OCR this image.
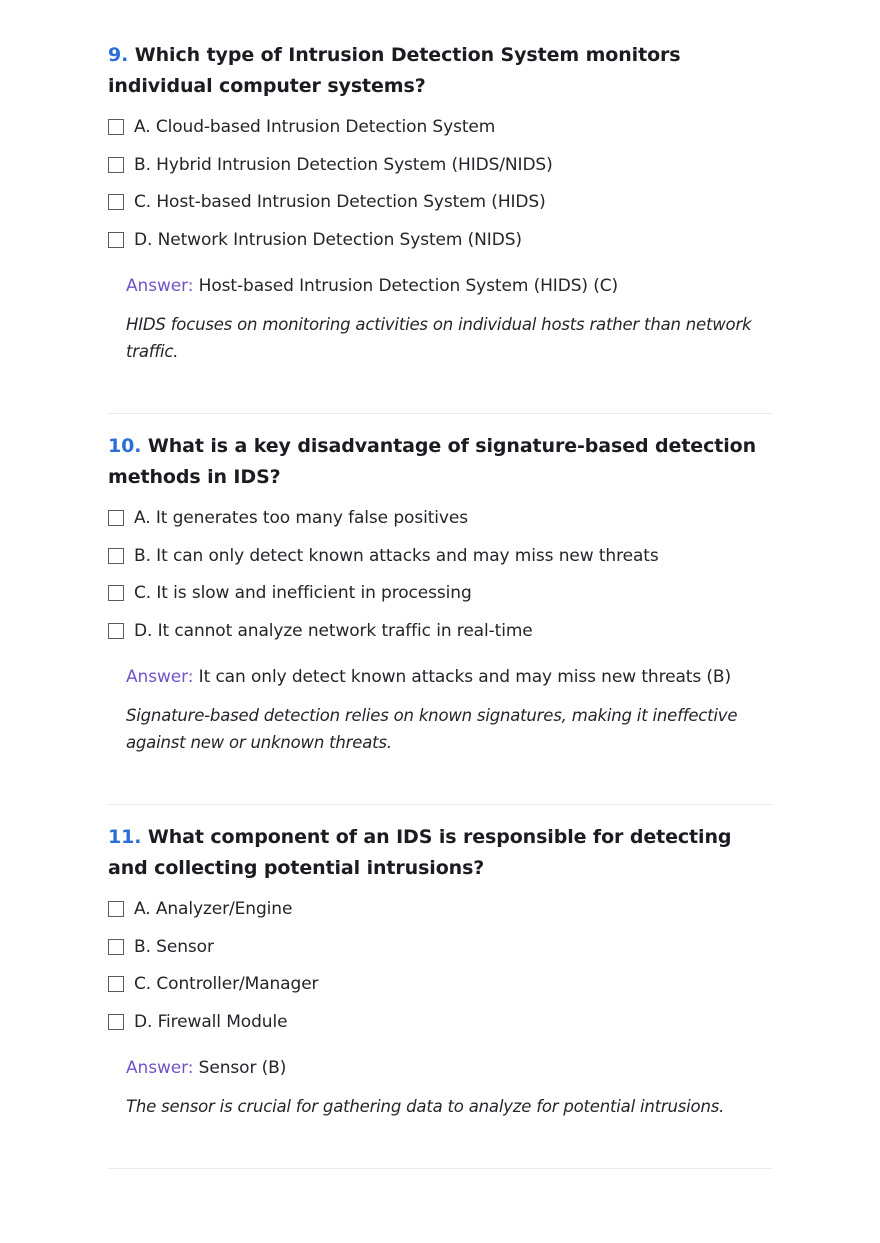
9. Which type of Intrusion Detection System monitors individual computer systems?
A. Cloud-based Intrusion Detection System
B. Hybrid Intrusion Detection System (HIDS/NIDS)
C. Host-based Intrusion Detection System (HIDS)
D. Network Intrusion Detection System (NIDS)
Answer: Host-based Intrusion Detection System (HIDS) (C)
HIDS focuses on monitoring activities on individual hosts rather than network traffic.
10. What is a key disadvantage of signature-based detection methods in IDS?
A. It generates too many false positives
B. It can only detect known attacks and may miss new threats
C. It is slow and inefficient in processing
D. It cannot analyze network traffic in real-time
Answer: It can only detect known attacks and may miss new threats (B)
Signature-based detection relies on known signatures, making it ineffective against new or unknown threats.
11. What component of an IDS is responsible for detecting and collecting potential intrusions?
A. Analyzer/Engine
B. Sensor
C. Controller/Manager
D. Firewall Module
Answer: Sensor (B)
The sensor is crucial for gathering data to analyze for potential intrusions.
